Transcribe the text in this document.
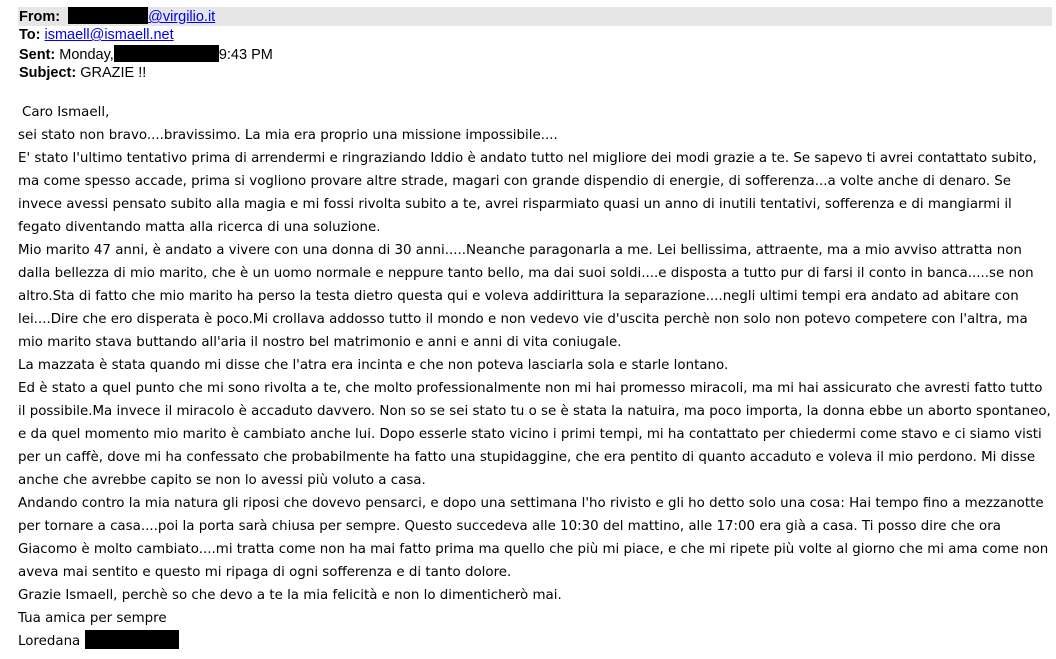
From:	@virgilio.it
To: ismaell@ismaell.net
Sent: Monday,	9:43 PM
Subject: GRAZIE !!

Caro Ismaell,

sei stato non bravo....bravissimo. La mia era proprio una missione impossibile....

E' stato l'ultimo tentativo prima di arrendermi e ringraziando Iddio è andato tutto nel migliore dei modi grazie a te. Se sapevo ti avrei contattato subito, ma come spesso accade, prima si vogliono provare altre strade, magari con grande dispendio di energie, di sofferenza...a volte anche di denaro. Se invece avessi pensato subito alla magia e mi fossi rivolta subito a te, avrei risparmiato quasi un anno di inutili tentativi, sofferenza e di mangiarmi il fegato diventando matta alla ricerca di una soluzione.

Mio marito 47 anni, è andato a vivere con una donna di 30 anni.....Neanche paragonarla a me. Lei bellissima, attraente, ma a mio avviso attratta non dalla bellezza di mio marito, che è un uomo normale e neppure tanto bello, ma dai suoi soldi....e disposta a tutto pur di farsi il conto in banca.....se non altro.Sta di fatto che mio marito ha perso la testa dietro questa qui e voleva addirittura la separazione....negli ultimi tempi era andato ad abitare con lei....Dire che ero disperata è poco.Mi crollava addosso tutto il mondo e non vedevo vie d'uscita perchè non solo non potevo competere con l'altra, ma mio marito stava buttando all'aria il nostro bel matrimonio e anni e anni di vita coniugale.

La mazzata è stata quando mi disse che l'atra era incinta e che non poteva lasciarla sola e starle lontano.

Ed è stato a quel punto che mi sono rivolta a te, che molto professionalmente non mi hai promesso miracoli, ma mi hai assicurato che avresti fatto tutto il possibile.Ma invece il miracolo è accaduto davvero. Non so se sei stato tu o se è stata la natuira, ma poco importa, la donna ebbe un aborto spontaneo, e da quel momento mio marito è cambiato anche lui. Dopo esserle stato vicino i primi tempi, mi ha contattato per chiedermi come stavo e ci siamo visti per un caffè, dove mi ha confessato che probabilmente ha fatto una stupidaggine, che era pentito di quanto accaduto e voleva il mio perdono. Mi disse anche che avrebbe capito se non lo avessi più voluto a casa.

Andando contro la mia natura gli riposi che dovevo pensarci, e dopo una settimana l'ho rivisto e gli ho detto solo una cosa: Hai tempo fino a mezzanotte per tornare a casa....poi la porta sarà chiusa per sempre. Questo succedeva alle 10:30 del mattino, alle 17:00 era già a casa. Ti posso dire che ora Giacomo è molto cambiato....mi tratta come non ha mai fatto prima ma quello che più mi piace, e che mi ripete più volte al giorno che mi ama come non aveva mai sentito e questo mi ripaga di ogni sofferenza e di tanto dolore.

Grazie Ismaell, perchè so che devo a te la mia felicità e non lo dimenticherò mai.

Tua amica per sempre

Loredana
